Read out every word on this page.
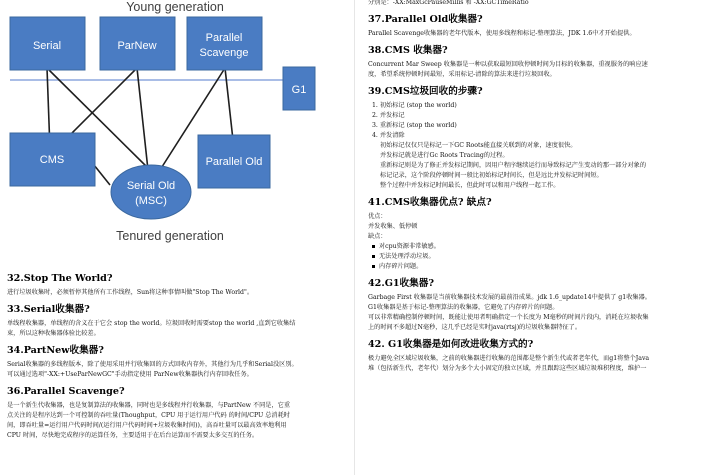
Young generation
Serial	ParNew
Parallel
Scavenge
G1
CMS	Parallel Old
Serial Old
(MSC)
Tenured generation
32.Stop The World?
进行垃圾收集时，必须暂停其他所有工作线程，Sun将这种事情叫做"Stop The World"。
33.Serial收集器?
单线程收集器，单线程的含义在于它会 stop the world。垃圾回收时需要stop the world ,直到它收集结
束，所以这种收集器体验比较差。
34.PartNew收集器?
Serial收集器的多线程版本，除了使用采用并行收集回的方式回收内存外，其他行为几乎和Serial没区别。
可以通过选项"-XX:+UseParNewGC"手动指定使用 ParNew收集器执行内存回收任务。
36.Parallel Scavenge?
是一个新生代收集器，也是复制算法的收集器，同时也是多线程并行收集器，与PartNew 不同是，它重
点关注的是程序达到一个可控制的吞吐量(Thoughput，CPU 用于运行用户代码 的时间/CPU 总消耗时
间，即吞吐量=运行用户代码时间/(运行用户代码时间+垃圾收集时间))，高吞吐量可以最高效率地利用
CPU 时间，尽快地完成程序的运算任务，主要适用于在后台运算而不需要太多交互的任务。
分别是：-XX:MaxGcPauseMillis 和 -XX:GCTimeRatio
37.Parallel Old收集器?
Parallel Scavenge收集器的老年代版本，使用多线程和标记-整理算法，JDK 1.6中才开始提供。
38.CMS 收集器?
Concurrent Mar Sweep 收集器是一种以获取最短回收停顿时间为目标的收集器，重视服务的响应速
度，希望系统停顿时间最短，采用标记-清除的算法来进行垃圾回收。
39.CMS垃圾回收的步骤?
1. 初始标记 (stop the world)
2. 并发标记
3. 重新标记 (stop the world)
4. 并发清除
初始标记仅仅只是标记一下GC Roots能直接关联到的对象，速度很快。
并发标记就是进行Gc Roots Tracing的过程。
重新标记则是为了修正并发标记期间，因用户程序继续运行而导致标记产生变动的那一部分对象的
标记记录，这个阶段停顿时间一般比初始标记时间长，但是远比并发标记时间短。
整个过程中并发标记时间最长，但此时可以和用户线程一起工作。
41.CMS收集器优点? 缺点?
优点：
并发收集、低停顿
缺点：
对cpu资源非常敏感。
无法处理浮动垃圾。
内存碎片问题。
42.G1收集器?
Garbage First 收集器是当前收集器技术发展的最前沿成果。jdk 1.6_update14中提供了 g1收集器。
G1收集器是基于标记-整理算法的收集器，它避免了内存碎片的问题。
可以非常精确控制停顿时间，既能让使用者明确指定一个长度为 M毫秒的时间片段内，消耗在垃圾收集
上的时间不多超过N毫秒，这几乎已经是实时java(rtsj)的垃圾收集器特征了。
42. G1收集器是如何改进收集方式的?
极力避免全区域垃圾收集，之前的收集器进行收集的范围都是整个新生代或者老年代，而g1将整个Java
堆（包括新生代，老年代）划分为多个大小固定的独立区域，并且跟踪这些区域垃圾堆积程度，维护一
